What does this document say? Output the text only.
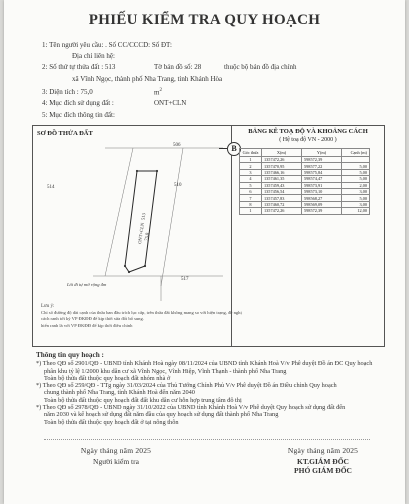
PHIẾU KIỂM TRA QUY HOẠCH
1: Tên người yêu cầu: . Số CC/CCCD: Số ĐT:
Địa chỉ liên hệ:
2: Số thứ tự thửa đất : 513	Tờ bản đồ số: 28	thuộc bộ bản đồ địa chính
xã Vĩnh Ngọc, thành phố Nha Trang, tỉnh Khánh Hòa
3: Diện tích : 75,0	$m^2$
4: Mục đích sử dụng đất :	ONT+CLN
5: Mục đích thông tin đất:
SƠ ĐỒ THỬA ĐẤT
506
514	510
517
ONT+CLN
513
75,0
Lối đi tự mở rộng 4m
Lưu ý:
Chỉ số đường độ dài cạnh của thửa ban đầu trích lục cấp, trên thửa đất không mang so với hiện trạng, đề nghị
cách ranh tới ký VP ĐKĐĐ để kịp thời sửa đổi bổ sung.
hiển ranh là với VP ĐKĐĐ để kịp thời điều chỉnh
B
BẢNG KÊ TOẠ ĐỘ VÀ KHOẢNG CÁCH
( Hệ toạ độ VN - 2000 )
Góc thửa	X(m)	Y(m)	Cạnh (m)
1	1357472,26	598572,39	
2	1357470,95	598577,22	5,00
3	1357466,16	598575,84	5,00
4	1357461,35	598574,47	5,00
5	1357459,43	598573,91	2,00
6	1357456,54	598573,10	3,00
7	1357457,83	598568,27	5,00
8	1357460,72	598569,09	3,00
1	1357472,26	598572,39	12,00
Thông tin quy hoạch :
*) Theo QĐ số 2901/QĐ - UBND tỉnh Khánh Hoà ngày 08/11/2024 của UBND tỉnh Khánh Hoà V/v Phê duyệt Đồ án ĐC Quy hoạch
phân khu tỷ lệ 1/2000 khu dân cư xã Vĩnh Ngọc, Vĩnh Hiệp, Vĩnh Thạnh - thành phố Nha Trang
Toàn bộ thửa đất thuộc quy hoạch đất nhóm nhà ở
*) Theo QĐ số 259/QĐ - TTg ngày 31/03/2024 của Thủ Tướng Chính Phủ V/v Phê duyệt Đồ án Điều chỉnh Quy hoạch
chung thành phố Nha Trang, tỉnh Khánh Hoà đến năm 2040
Toàn bộ thửa đất thuộc quy hoạch đất đất khu dân cư hỗn hợp trung tâm đô thị
*) Theo QĐ số 2978/QĐ - UBND ngày 31/10/2022 của UBND tỉnh Khánh Hoà V/v Phê duyệt Quy hoạch sử dụng đất đến
năm 2030 và kế hoạch sử dụng đất năm đầu của quy hoạch sử dụng đất thành phố Nha Trang
Toàn bộ thửa đất thuộc quy hoạch đất ở tại nông thôn
Ngày tháng năm 2025
Người kiểm tra
Ngày tháng năm 2025
KT.GIÁM ĐỐC
PHÓ GIÁM ĐỐC
